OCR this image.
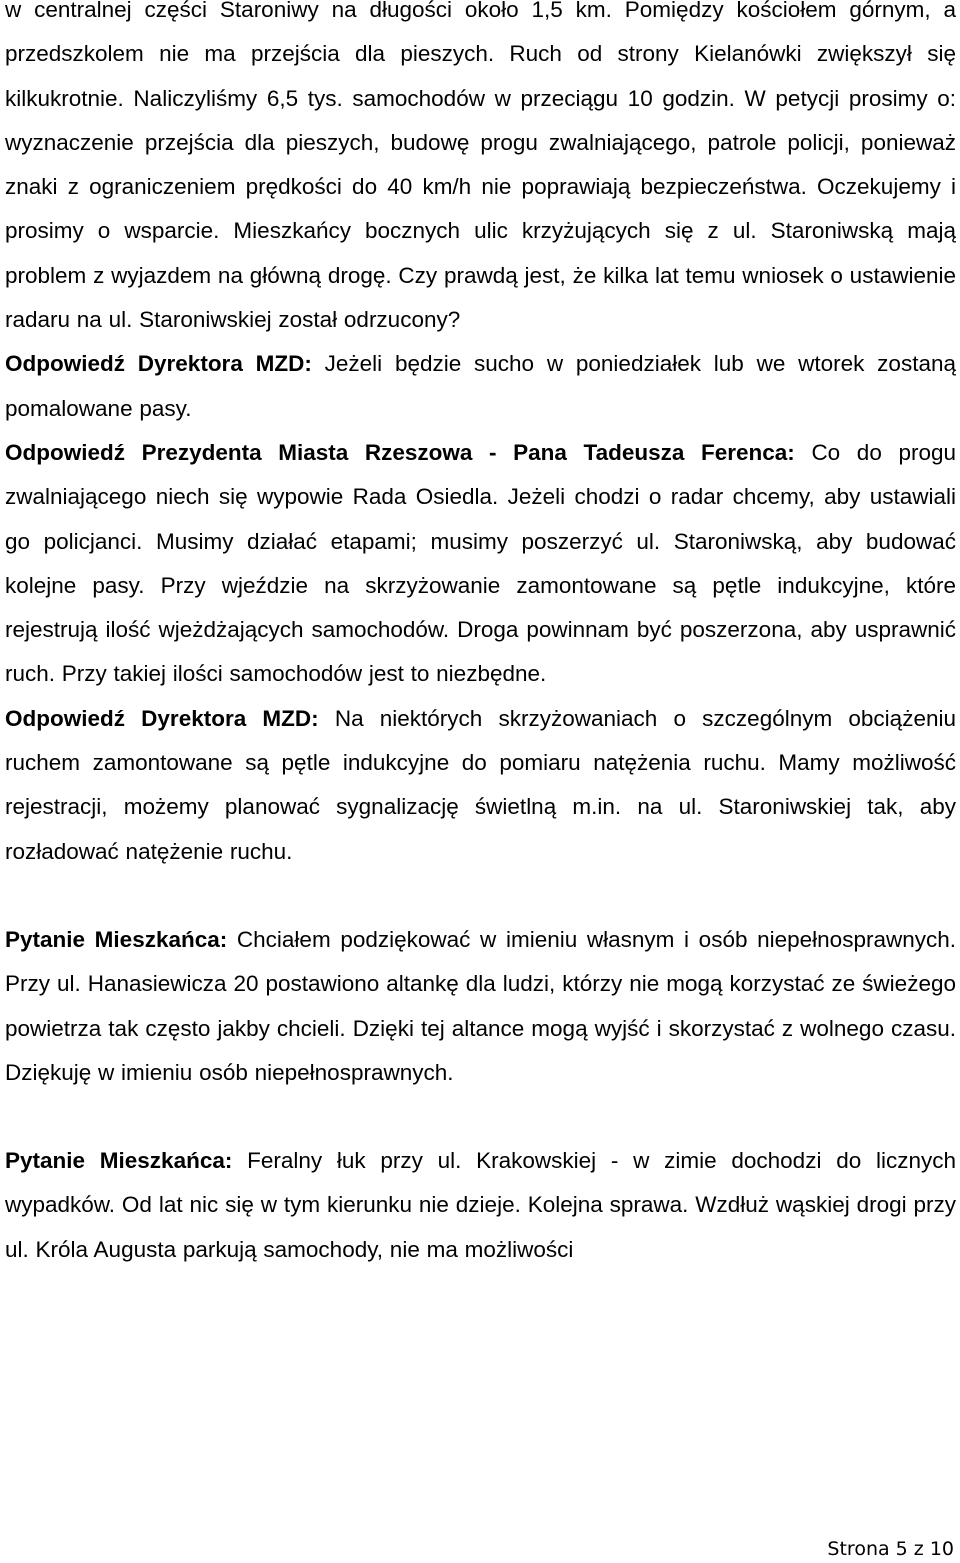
w centralnej części Staroniwy na długości około 1,5 km. Pomiędzy kościołem górnym, a przedszkolem nie ma przejścia dla pieszych. Ruch od strony Kielanówki zwiększył się kilkukrotnie. Naliczyliśmy 6,5 tys. samochodów w przeciągu 10 godzin. W petycji prosimy o: wyznaczenie przejścia dla pieszych, budowę progu zwalniającego, patrole policji, ponieważ znaki z ograniczeniem prędkości do 40 km/h nie poprawiają bezpieczeństwa. Oczekujemy i prosimy o wsparcie. Mieszkańcy bocznych ulic krzyżujących się z ul. Staroniwską mają problem z wyjazdem na główną drogę. Czy prawdą jest, że kilka lat temu wniosek o ustawienie radaru na ul. Staroniwskiej został odrzucony?

Odpowiedź Dyrektora MZD: Jeżeli będzie sucho w poniedziałek lub we wtorek zostaną pomalowane pasy.

Odpowiedź Prezydenta Miasta Rzeszowa - Pana Tadeusza Ferenca: Co do progu zwalniającego niech się wypowie Rada Osiedla. Jeżeli chodzi o radar chcemy, aby ustawiali go policjanci. Musimy działać etapami; musimy poszerzyć ul. Staroniwską, aby budować kolejne pasy. Przy wjeździe na skrzyżowanie zamontowane są pętle indukcyjne, które rejestrują ilość wjeżdżających samochodów. Droga powinnam być poszerzona, aby usprawnić ruch. Przy takiej ilości samochodów jest to niezbędne.

Odpowiedź Dyrektora MZD: Na niektórych skrzyżowaniach o szczególnym obciążeniu ruchem zamontowane są pętle indukcyjne do pomiaru natężenia ruchu. Mamy możliwość rejestracji, możemy planować sygnalizację świetlną m.in. na ul. Staroniwskiej tak, aby rozładować natężenie ruchu.

Pytanie Mieszkańca: Chciałem podziękować w imieniu własnym i osób niepełnosprawnych. Przy ul. Hanasiewicza 20 postawiono altankę dla ludzi, którzy nie mogą korzystać ze świeżego powietrza tak często jakby chcieli. Dzięki tej altance mogą wyjść i skorzystać z wolnego czasu. Dziękuję w imieniu osób niepełnosprawnych.

Pytanie Mieszkańca: Feralny łuk przy ul. Krakowskiej - w zimie dochodzi do licznych wypadków. Od lat nic się w tym kierunku nie dzieje. Kolejna sprawa. Wzdłuż wąskiej drogi przy ul. Króla Augusta parkują samochody, nie ma możliwości

Strona 5 z 10
